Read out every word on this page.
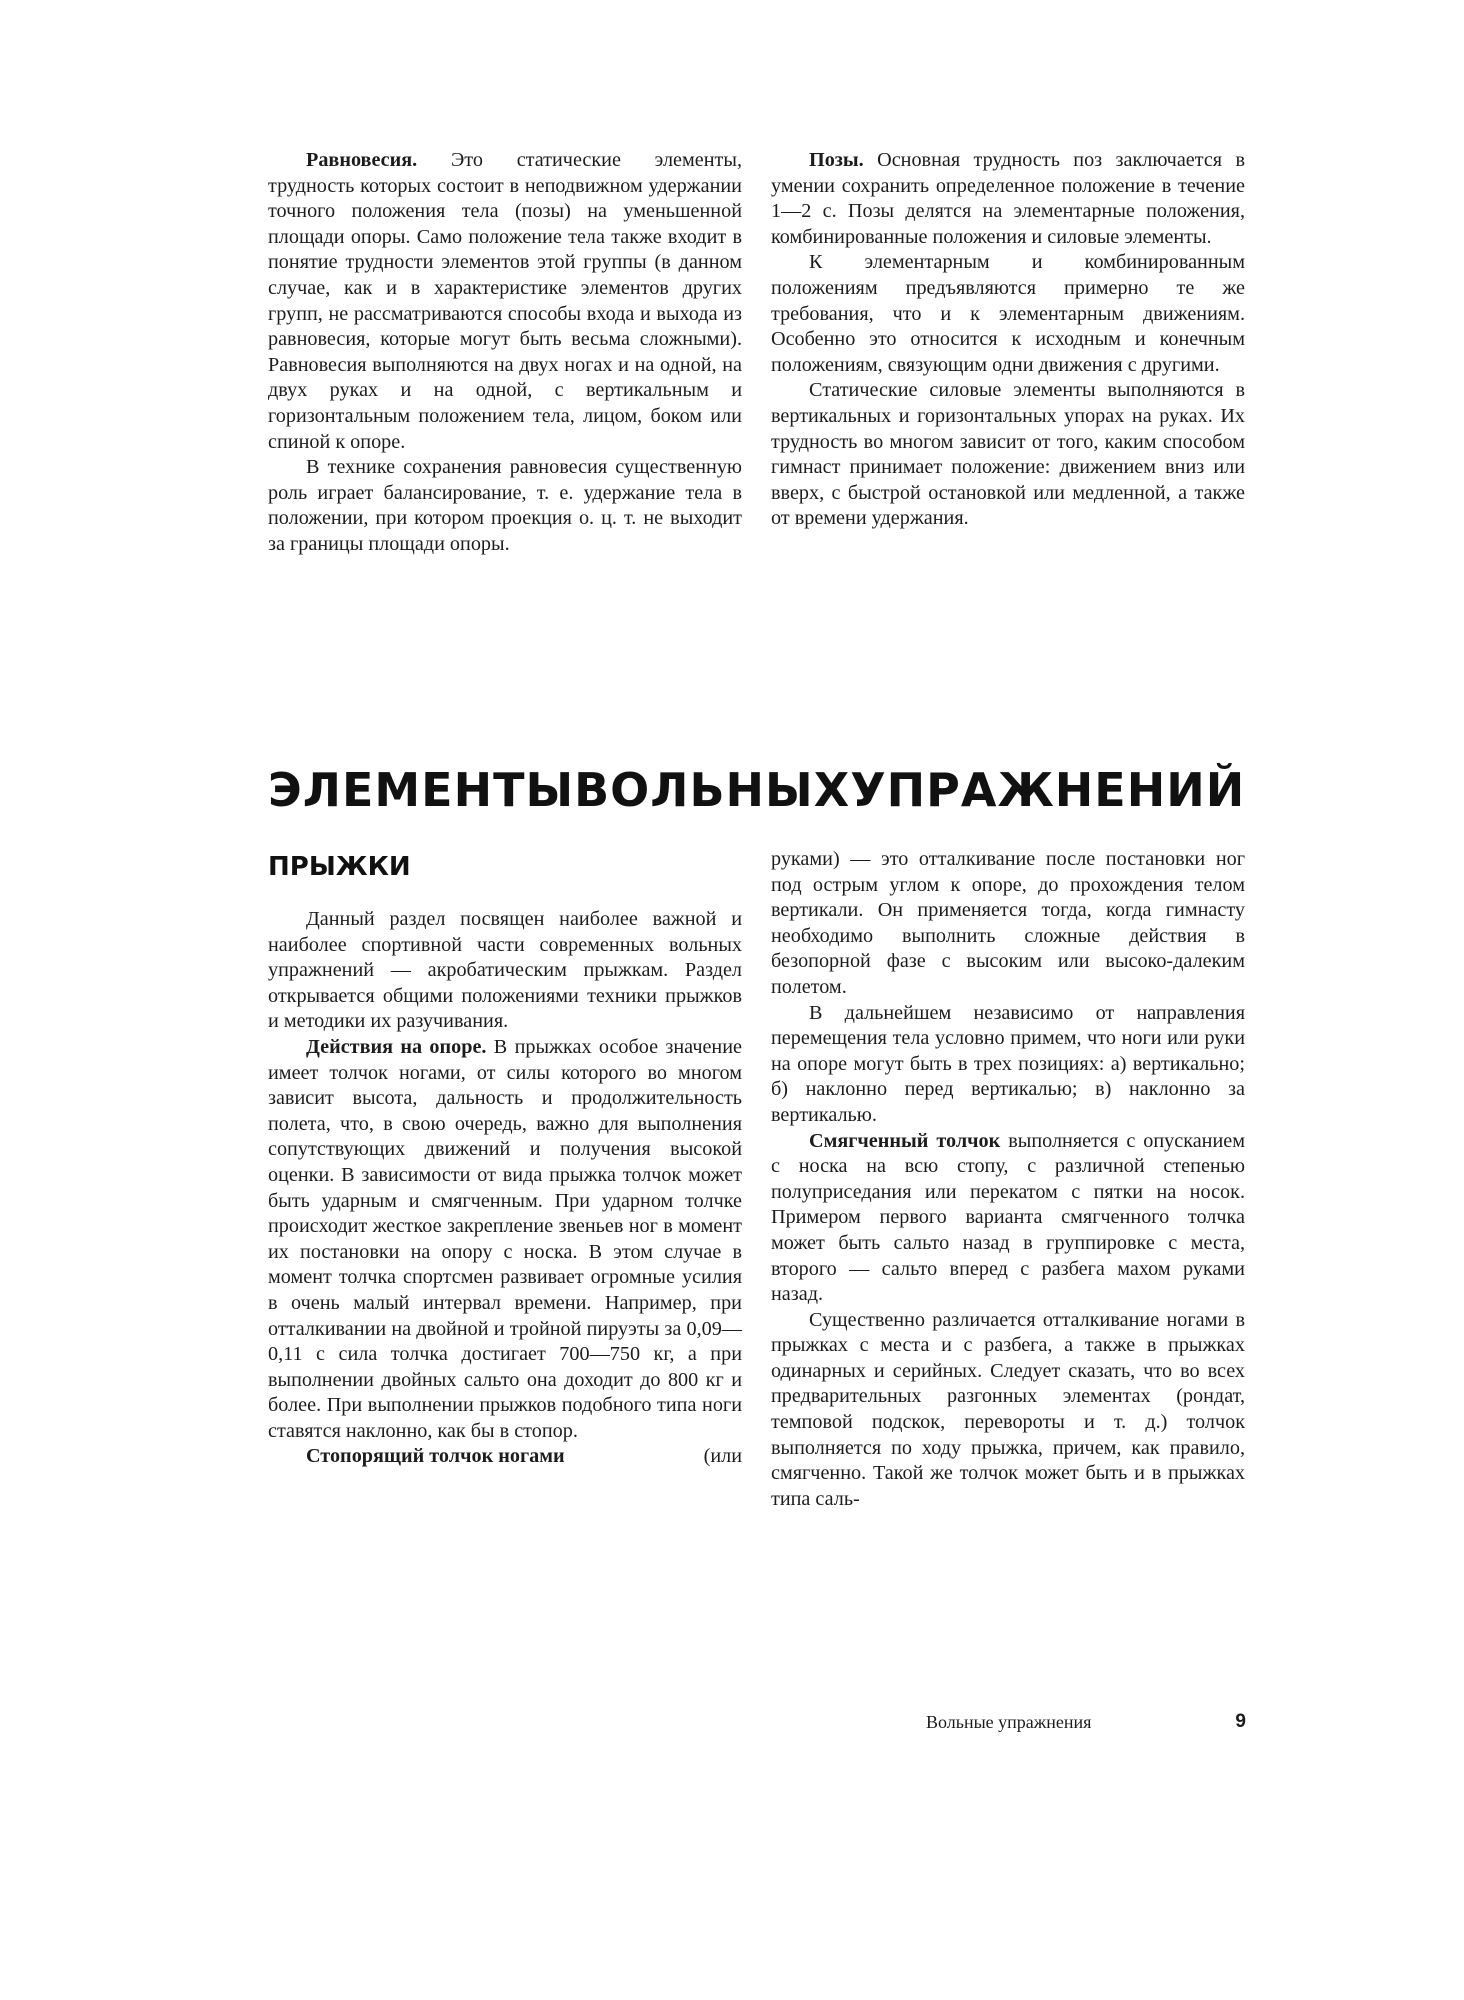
Равновесия. Это статические элементы, трудность которых состоит в неподвижном удержании точного положения тела (позы) на уменьшенной площади опоры. Само положение тела также входит в понятие трудности элементов этой группы (в данном случае, как и в характеристике элементов других групп, не рассматриваются способы входа и выхода из равновесия, которые могут быть весьма сложными). Равновесия выполняются на двух ногах и на одной, на двух руках и на одной, с вертикальным и горизонтальным положением тела, лицом, боком или спиной к опоре.

В технике сохранения равновесия существенную роль играет балансирование, т. е. удержание тела в положении, при котором проекция о. ц. т. не выходит за границы площади опоры.

Позы. Основная трудность поз заключается в умении сохранить определенное положение в течение 1—2 с. Позы делятся на элементарные положения, комбинированные положения и силовые элементы.

К элементарным и комбинированным положениям предъявляются примерно те же требования, что и к элементарным движениям. Особенно это относится к исходным и конечным положениям, связующим одни движения с другими.

Статические силовые элементы выполняются в вертикальных и горизонтальных упорах на руках. Их трудность во многом зависит от того, каким способом гимнаст принимает положение: движением вниз или вверх, с быстрой остановкой или медленной, а также от времени удержания.

ЭЛЕМЕНТЫ ВОЛЬНЫХ УПРАЖНЕНИЙ
ПРЫЖКИ

Данный раздел посвящен наиболее важной и наиболее спортивной части современных вольных упражнений — акробатическим прыжкам. Раздел открывается общими положениями техники прыжков и методики их разучивания.

Действия на опоре. В прыжках особое значение имеет толчок ногами, от силы которого во многом зависит высота, дальность и продолжительность полета, что, в свою очередь, важно для выполнения сопутствующих движений и получения высокой оценки. В зависимости от вида прыжка толчок может быть ударным и смягченным. При ударном толчке происходит жесткое закрепление звеньев ног в момент их постановки на опору с носка. В этом случае в момент толчка спортсмен развивает огромные усилия в очень малый интервал времени. Например, при отталкивании на двойной и тройной пируэты за 0,09—0,11 с сила толчка достигает 700—750 кг, а при выполнении двойных сальто она доходит до 800 кг и более. При выполнении прыжков подобного типа ноги ставятся наклонно, как бы в стопор.

Стопорящий толчок ногами	(или

руками) — это отталкивание после постановки ног под острым углом к опоре, до прохождения телом вертикали. Он применяется тогда, когда гимнасту необходимо выполнить сложные действия в безопорной фазе с высоким или высоко-далеким полетом.

В дальнейшем независимо от направления перемещения тела условно примем, что ноги или руки на опоре могут быть в трех позициях: а) вертикально; б) наклонно перед вертикалью; в) наклонно за вертикалью.

Смягченный толчок выполняется с опусканием с носка на всю стопу, с различной степенью полуприседания или перекатом с пятки на носок. Примером первого варианта смягченного толчка может быть сальто назад в группировке с места, второго — сальто вперед с разбега махом руками назад.

Существенно различается отталкивание ногами в прыжках с места и с разбега, а также в прыжках одинарных и серийных. Следует сказать, что во всех предварительных разгонных элементах (рондат, темповой подскок, перевороты и т. д.) толчок выполняется по ходу прыжка, причем, как правило, смягченно. Такой же толчок может быть и в прыжках типа саль-

Вольные упражнения	9
